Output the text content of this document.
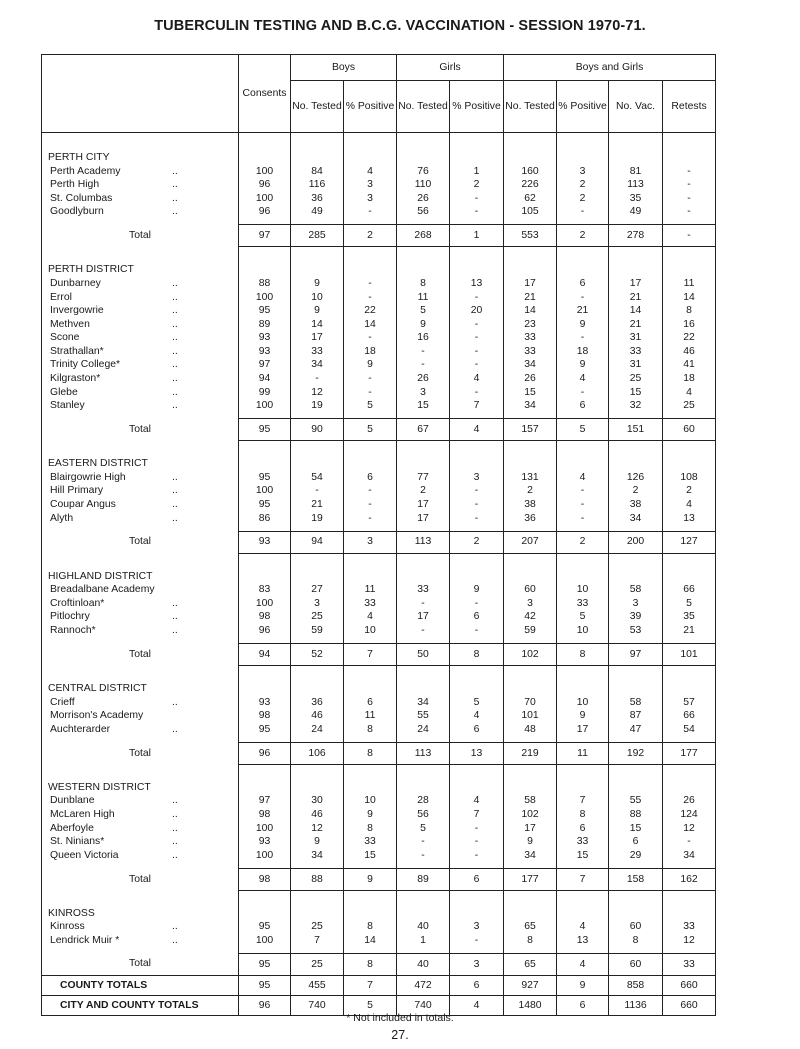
TUBERCULIN TESTING AND B.C.G. VACCINATION - SESSION 1970-71.
	Consents	Boys		Girls		Boys and Girls			
		No. Tested	% Positive	No. Tested	% Positive	No. Tested	% Positive	No. Vac.	Retests
PERTH CITY									
Perth Academy ..	100	84	4	76	1	160	3	81	-
Perth High ..	96	116	3	110	2	226	2	113	-
St. Columbas ..	100	36	3	26	-	62	2	35	-
Goodlyburn ..	96	49	-	56	-	105	-	49	-

Total	97	285	2	268	1	553	2	278	-
PERTH DISTRICT									
Dunbarney ..	88	9	-	8	13	17	6	17	11
Errol ..	100	10	-	11	-	21	-	21	14
Invergowrie ..	95	9	22	5	20	14	21	14	8
Methven ..	89	14	14	9	-	23	9	21	16
Scone ..	93	17	-	16	-	33	-	31	22
Strathallan* ..	93	33	18	-	-	33	18	33	46
Trinity College* ..	97	34	9	-	-	34	9	31	41
Kilgraston* ..	94	-	-	26	4	26	4	25	18
Glebe ..	99	12	-	3	-	15	-	15	4
Stanley ..	100	19	5	15	7	34	6	32	25

Total	95	90	5	67	4	157	5	151	60
EASTERN DISTRICT									
Blairgowrie High ..	95	54	6	77	3	131	4	126	108
Hill Primary ..	100	-	-	2	-	2	-	2	2
Coupar Angus ..	95	21	-	17	-	38	-	38	4
Alyth ..	86	19	-	17	-	36	-	34	13

Total	93	94	3	113	2	207	2	200	127
HIGHLAND DISTRICT									
Breadalbane Academy	83	27	11	33	9	60	10	58	66
Croftinloan* ..	100	3	33	-	-	3	33	3	5
Pitlochry ..	98	25	4	17	6	42	5	39	35
Rannoch* ..	96	59	10	-	-	59	10	53	21

Total	94	52	7	50	8	102	8	97	101
CENTRAL DISTRICT									
Crieff ..	93	36	6	34	5	70	10	58	57
Morrison's Academy	98	46	11	55	4	101	9	87	66
Auchterarder ..	95	24	8	24	6	48	17	47	54

Total	96	106	8	113	13	219	11	192	177
WESTERN DISTRICT									
Dunblane ..	97	30	10	28	4	58	7	55	26
McLaren High ..	98	46	9	56	7	102	8	88	124
Aberfoyle ..	100	12	8	5	-	17	6	15	12
St. Ninians* ..	93	9	33	-	-	9	33	6	-
Queen Victoria ..	100	34	15	-	-	34	15	29	34

Total	98	88	9	89	6	177	7	158	162
KINROSS									
Kinross ..	95	25	8	40	3	65	4	60	33
Lendrick Muir * ..	100	7	14	1	-	8	13	8	12

Total	95	25	8	40	3	65	4	60	33
COUNTY TOTALS	95	455	7	472	6	927	9	858	660
CITY AND COUNTY TOTALS	96	740	5	740	4	1480	6	1136	660
* Not included in totals.
27.
